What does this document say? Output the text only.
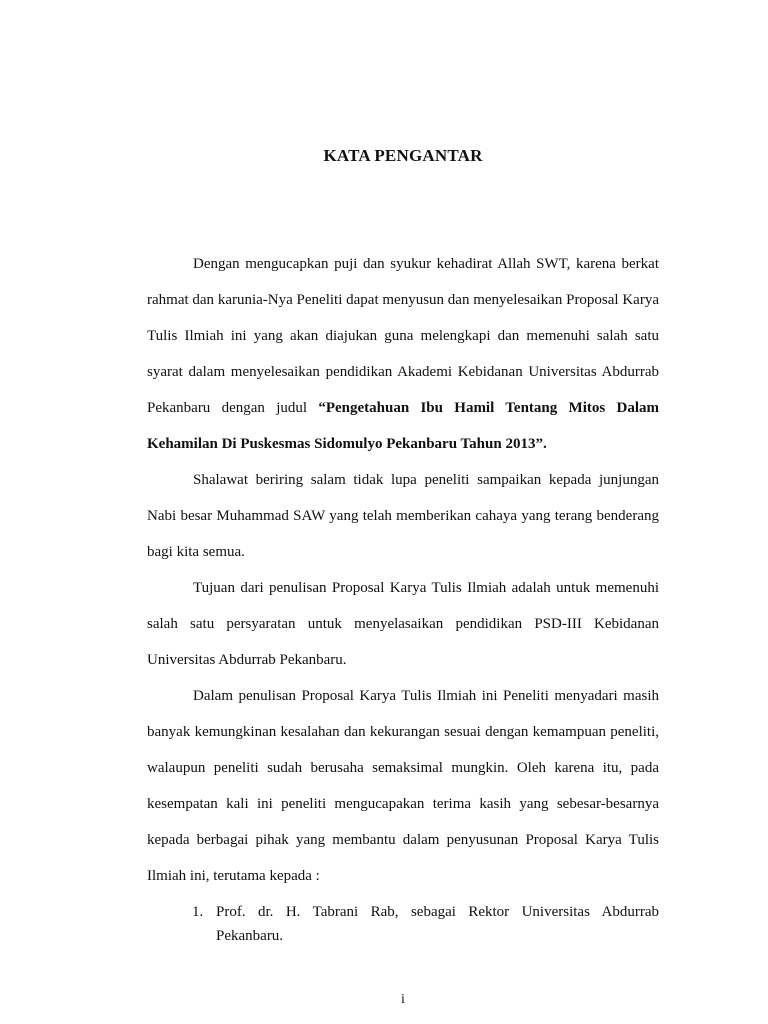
KATA PENGANTAR

Dengan mengucapkan puji dan syukur kehadirat Allah SWT, karena berkat rahmat dan karunia-Nya Peneliti dapat menyusun dan menyelesaikan Proposal Karya Tulis Ilmiah ini yang akan diajukan guna melengkapi dan memenuhi salah satu syarat dalam menyelesaikan pendidikan Akademi Kebidanan Universitas Abdurrab Pekanbaru dengan judul “Pengetahuan Ibu Hamil Tentang Mitos Dalam Kehamilan Di Puskesmas Sidomulyo Pekanbaru Tahun 2013”.

Shalawat beriring salam tidak lupa peneliti sampaikan kepada junjungan Nabi besar Muhammad SAW yang telah memberikan cahaya yang terang benderang bagi kita semua.

Tujuan dari penulisan Proposal Karya Tulis Ilmiah adalah untuk memenuhi salah satu persyaratan untuk menyelasaikan pendidikan PSD-III Kebidanan Universitas Abdurrab Pekanbaru.

Dalam penulisan Proposal Karya Tulis Ilmiah ini Peneliti menyadari masih banyak kemungkinan kesalahan dan kekurangan sesuai dengan kemampuan peneliti, walaupun peneliti sudah berusaha semaksimal mungkin. Oleh karena itu, pada kesempatan kali ini peneliti mengucapakan terima kasih yang sebesar-besarnya kepada berbagai pihak yang membantu dalam penyusunan Proposal Karya Tulis Ilmiah ini, terutama kepada :

1. Prof. dr. H. Tabrani Rab, sebagai Rektor Universitas Abdurrab Pekanbaru.
i
